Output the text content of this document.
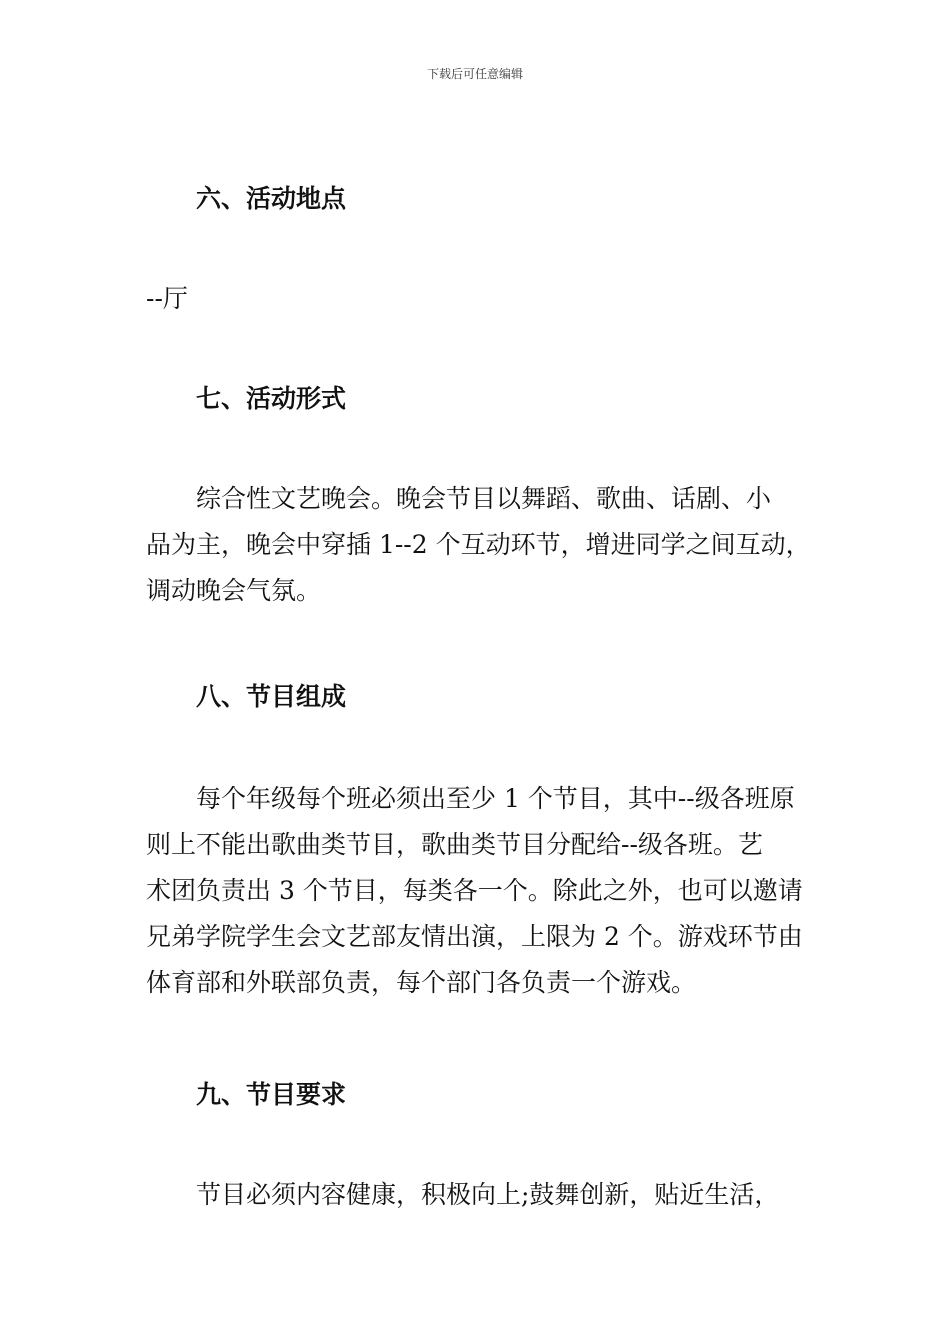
下载后可任意编辑
六、活动地点

--厅

七、活动形式

综合性文艺晚会。晚会节目以舞蹈、歌曲、话剧、小
品为主，晚会中穿插 1--2 个互动环节，增进同学之间互动，
调动晚会气氛。

八、节目组成

每个年级每个班必须出至少 1 个节目，其中--级各班原
则上不能出歌曲类节目，歌曲类节目分配给--级各班。艺
术团负责出 3 个节目，每类各一个。除此之外，也可以邀请
兄弟学院学生会文艺部友情出演，上限为 2 个。游戏环节由
体育部和外联部负责，每个部门各负责一个游戏。

九、节目要求

节目必须内容健康，积极向上;鼓舞创新，贴近生活，
